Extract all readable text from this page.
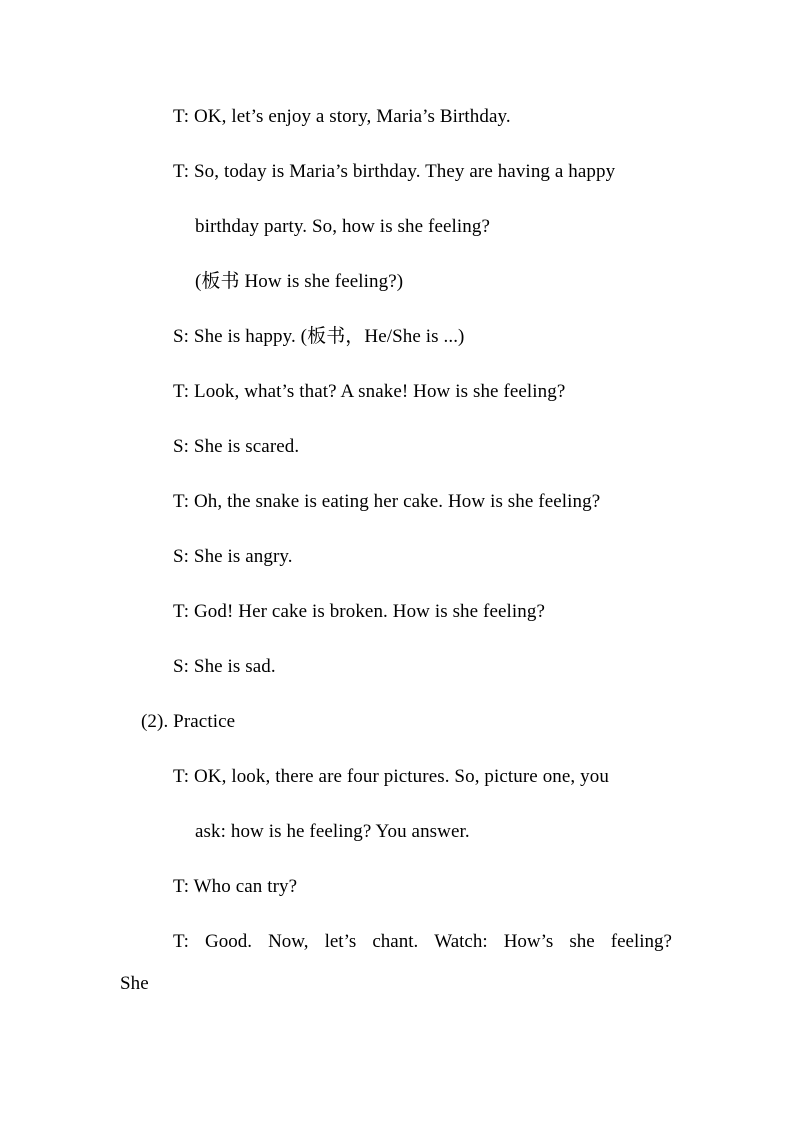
T: OK, let’s enjoy a story, Maria’s Birthday.
T: So, today is Maria’s birthday. They are having a happy
birthday party. So, how is she feeling?
(板书 How is she feeling?)
S: She is happy. (板书，He/She is ...)
T: Look, what’s that? A snake! How is she feeling?
S: She is scared.
T: Oh, the snake is eating her cake. How is she feeling?
S: She is angry.
T: God! Her cake is broken. How is she feeling?
S: She is sad.
(2). Practice
T: OK, look, there are four pictures. So, picture one, you
ask: how is he feeling? You answer.
T: Who can try?
T: Good. Now, let’s chant. Watch: How’s she feeling?
She
